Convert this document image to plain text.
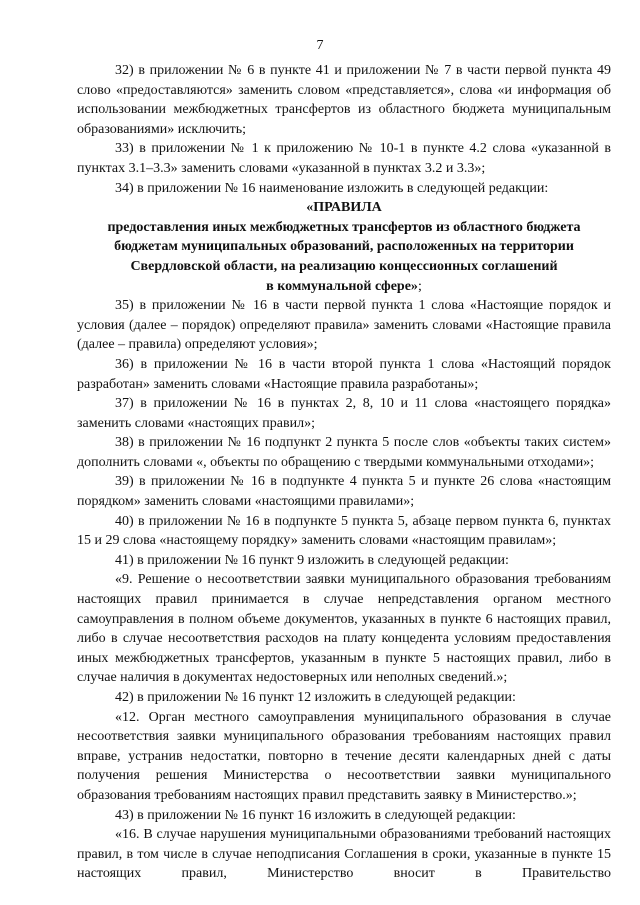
7

32) в приложении № 6 в пункте 41 и приложении № 7 в части первой пункта 49 слово «предоставляются» заменить словом «представляется», слова «и информация об использовании межбюджетных трансфертов из областного бюджета муниципальным образованиями» исключить;

33) в приложении № 1 к приложению № 10-1 в пункте 4.2 слова «указанной в пунктах 3.1–3.3» заменить словами «указанной в пунктах 3.2 и 3.3»;

34) в приложении № 16 наименование изложить в следующей редакции:

«ПРАВИЛА
предоставления иных межбюджетных трансфертов из областного бюджета
бюджетам муниципальных образований, расположенных на территории
Свердловской области, на реализацию концессионных соглашений
в коммунальной сфере»;

35) в приложении № 16 в части первой пункта 1 слова «Настоящие порядок и условия (далее – порядок) определяют правила» заменить словами «Настоящие правила (далее – правила) определяют условия»;

36) в приложении № 16 в части второй пункта 1 слова «Настоящий порядок разработан» заменить словами «Настоящие правила разработаны»;

37) в приложении № 16 в пунктах 2, 8, 10 и 11 слова «настоящего порядка» заменить словами «настоящих правил»;

38) в приложении № 16 подпункт 2 пункта 5 после слов «объекты таких систем» дополнить словами «, объекты по обращению с твердыми коммунальными отходами»;

39) в приложении № 16 в подпункте 4 пункта 5 и пункте 26 слова «настоящим порядком» заменить словами «настоящими правилами»;

40) в приложении № 16 в подпункте 5 пункта 5, абзаце первом пункта 6, пунктах 15 и 29 слова «настоящему порядку» заменить словами «настоящим правилам»;

41) в приложении № 16 пункт 9 изложить в следующей редакции:

«9. Решение о несоответствии заявки муниципального образования требованиям настоящих правил принимается в случае непредставления органом местного самоуправления в полном объеме документов, указанных в пункте 6 настоящих правил, либо в случае несоответствия расходов на плату концедента условиям предоставления иных межбюджетных трансфертов, указанным в пункте 5 настоящих правил, либо в случае наличия в документах недостоверных или неполных сведений.»;

42) в приложении № 16 пункт 12 изложить в следующей редакции:

«12. Орган местного самоуправления муниципального образования в случае несоответствия заявки муниципального образования требованиям настоящих правил вправе, устранив недостатки, повторно в течение десяти календарных дней с даты получения решения Министерства о несоответствии заявки муниципального образования требованиям настоящих правил представить заявку в Министерство.»;

43) в приложении № 16 пункт 16 изложить в следующей редакции:

«16. В случае нарушения муниципальными образованиями требований настоящих правил, в том числе в случае неподписания Соглашения в сроки, указанные в пункте 15 настоящих правил, Министерство вносит в Правительство
